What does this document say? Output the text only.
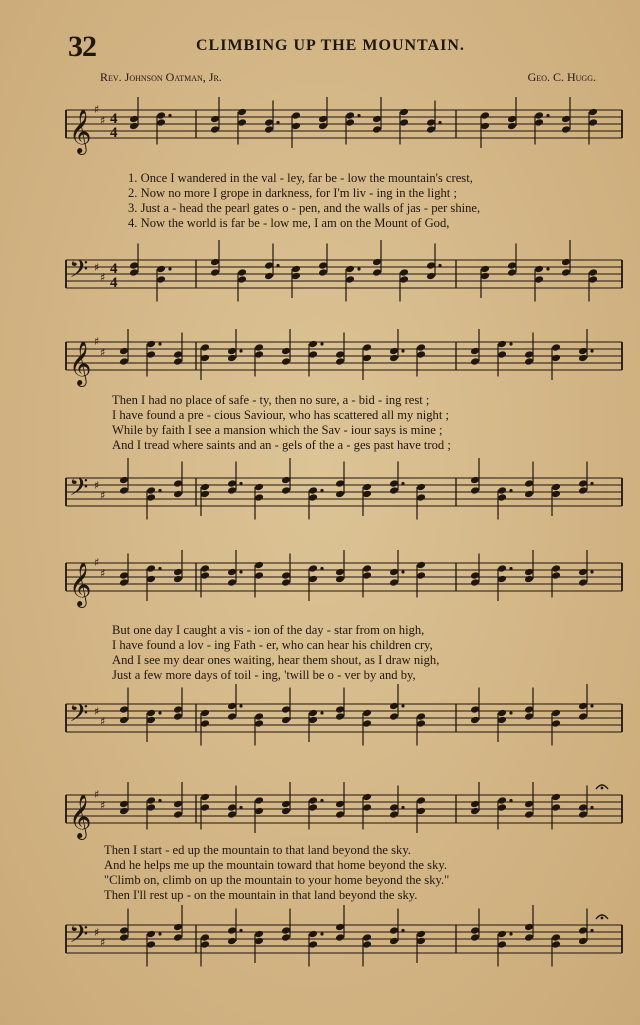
32	CLIMBING UP THE MOUNTAIN.
Rev. Johnson Oatman, Jr.	Geo. C. Hugg.
𝄞 ♯
♯ 4
4
1. Once I wandered in the val - ley, far be - low the mountain's crest,
2. Now no more I grope in darkness, for I'm liv - ing in the light ;
3. Just a - head the pearl gates o - pen, and the walls of jas - per shine,
4. Now the world is far be - low me, I am on the Mount of God,
𝄢 ♯
♯
4
4
𝄞 ♯
♯
Then I had no place of safe - ty, then no sure, a - bid - ing rest ;
I have found a pre - cious Saviour, who has scattered all my night ;
While by faith I see a mansion which the Sav - iour says is mine ;
And I tread where saints and an - gels of the a - ges past have trod ;
𝄢 ♯
♯
𝄞 ♯
♯
But one day I caught a vis - ion of the day - star from on high,
I have found a lov - ing Fath - er, who can hear his children cry,
And I see my dear ones waiting, hear them shout, as I draw nigh,
Just a few more days of toil - ing, 'twill be o - ver by and by,
𝄢 ♯
♯
𝄞 ♯
♯
Then I start - ed up the mountain to that land beyond the sky.
And he helps me up the mountain toward that home beyond the sky.
"Climb on, climb on up the mountain to your home beyond the sky."
Then I'll rest up - on the mountain in that land beyond the sky.
𝄢 ♯
♯
